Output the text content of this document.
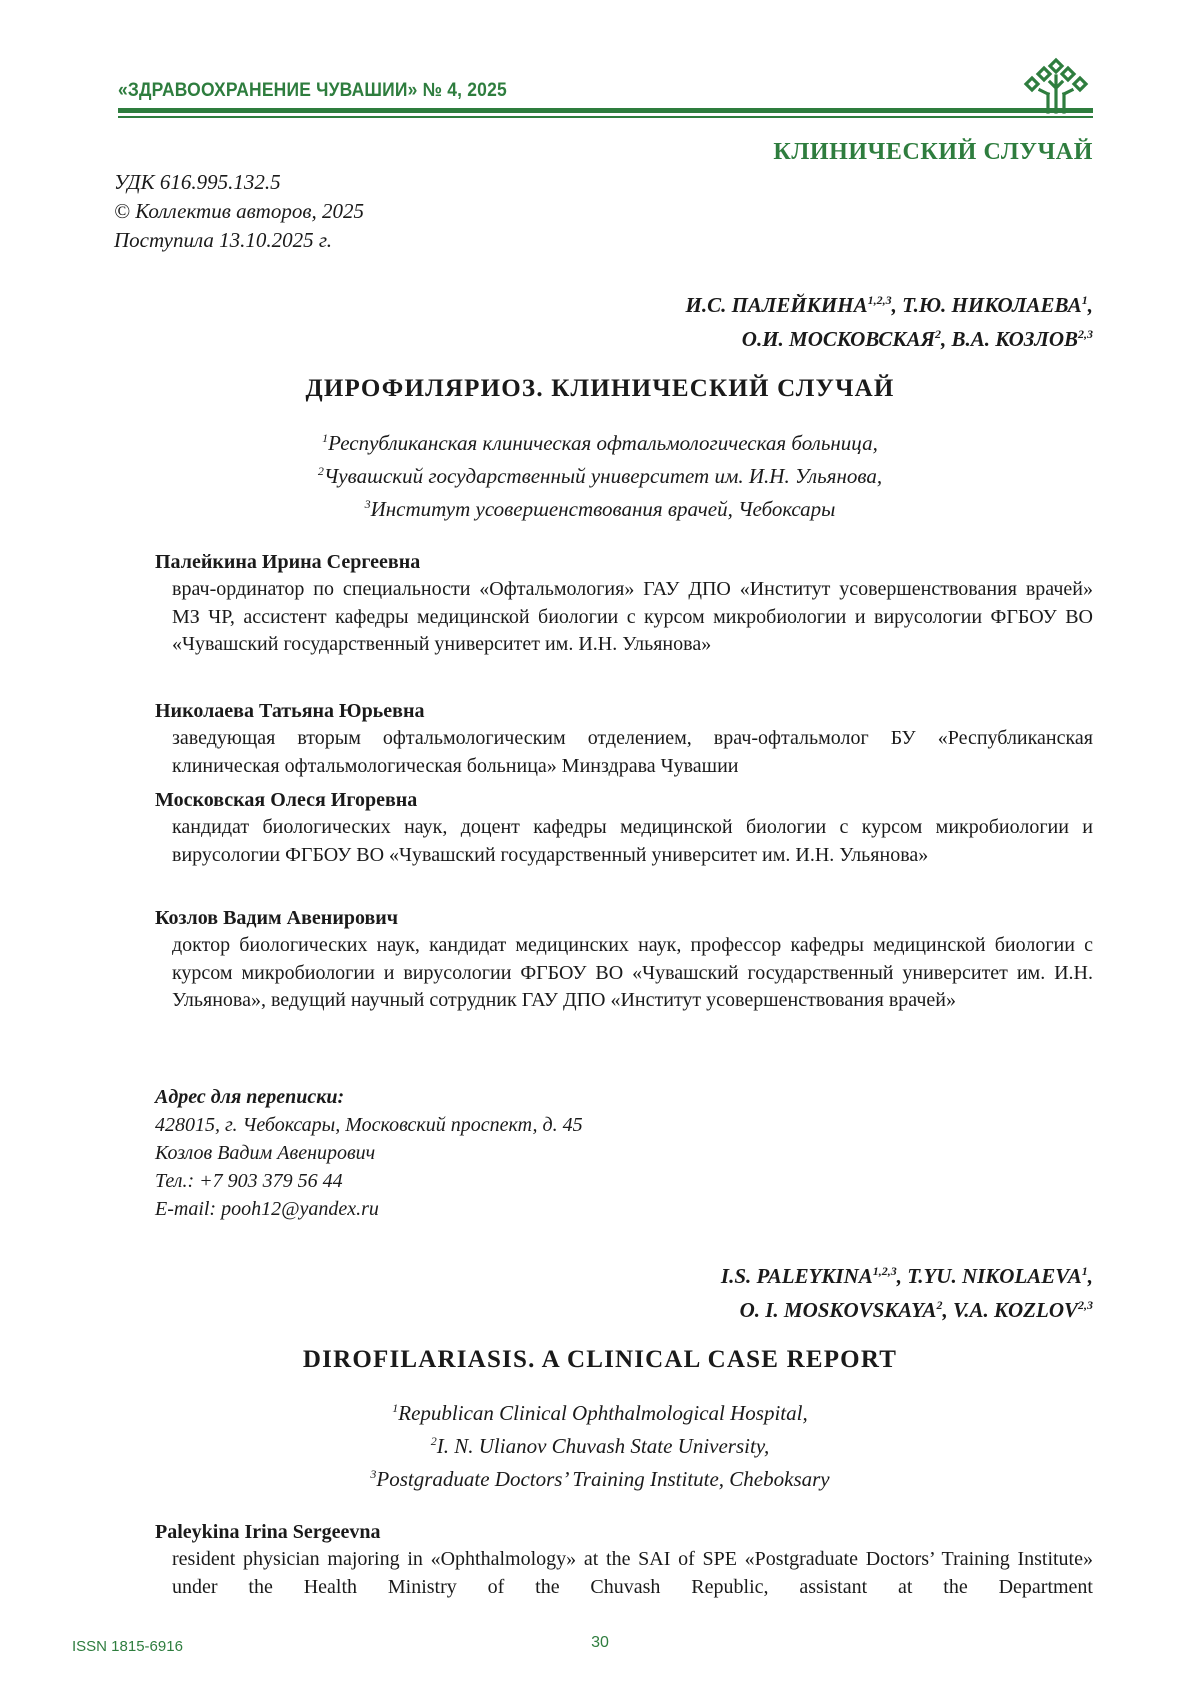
«ЗДРАВООХРАНЕНИЕ ЧУВАШИИ» № 4, 2025
КЛИНИЧЕСКИЙ СЛУЧАЙ
УДК 616.995.132.5
© Коллектив авторов, 2025
Поступила 13.10.2025 г.
И.С. ПАЛЕЙКИНА$^{1,2,3}$, Т.Ю. НИКОЛАЕВА$^1$,
О.И. МОСКОВСКАЯ$^2$, В.А. КОЗЛОВ$^{2,3}$
ДИРОФИЛЯРИОЗ. КЛИНИЧЕСКИЙ СЛУЧАЙ
$^1$Республиканская клиническая офтальмологическая больница,
$^2$Чувашский государственный университет им. И.Н. Ульянова,
$^3$Институт усовершенствования врачей, Чебоксары
Палейкина Ирина Сергеевна
врач-ординатор по специальности «Офтальмология» ГАУ ДПО «Институт усовершенствования врачей» МЗ ЧР, ассистент кафедры медицинской биологии с курсом микробиологии и вирусологии ФГБОУ ВО «Чувашский государственный университет им. И.Н. Ульянова»
Николаева Татьяна Юрьевна
заведующая вторым офтальмологическим отделением, врач-офтальмолог БУ «Республиканская клиническая офтальмологическая больница» Минздрава Чувашии
Московская Олеся Игоревна
кандидат биологических наук, доцент кафедры медицинской биологии с курсом микробиологии и вирусологии ФГБОУ ВО «Чувашский государственный университет им. И.Н. Ульянова»
Козлов Вадим Авенирович
доктор биологических наук, кандидат медицинских наук, профессор кафедры медицинской биологии с курсом микробиологии и вирусологии ФГБОУ ВО «Чувашский государственный университет им. И.Н. Ульянова», ведущий научный сотрудник ГАУ ДПО «Институт усовершенствования врачей»
Адрес для переписки:
428015, г. Чебоксары, Московский проспект, д. 45
Козлов Вадим Авенирович
Тел.: +7 903 379 56 44
E-mail: pooh12@yandex.ru
I.S. PALEYKINA$^{1,2,3}$, T.YU. NIKOLAEVA$^1$,
O. I. MOSKOVSKAYA$^2$, V.A. KOZLOV$^{2,3}$
DIROFILARIASIS. A CLINICAL CASE REPORT
$^1$Republican Clinical Ophthalmological Hospital,
$^2$I. N. Ulianov Chuvash State University,
$^3$Postgraduate Doctors’ Training Institute, Cheboksary
Paleykina Irina Sergeevna
resident physician majoring in «Ophthalmology» at the SAI of SPE «Postgraduate Doctors’ Training Institute» under the Health Ministry of the Chuvash Republic, assistant at the Department
ISSN 1815-6916	30
